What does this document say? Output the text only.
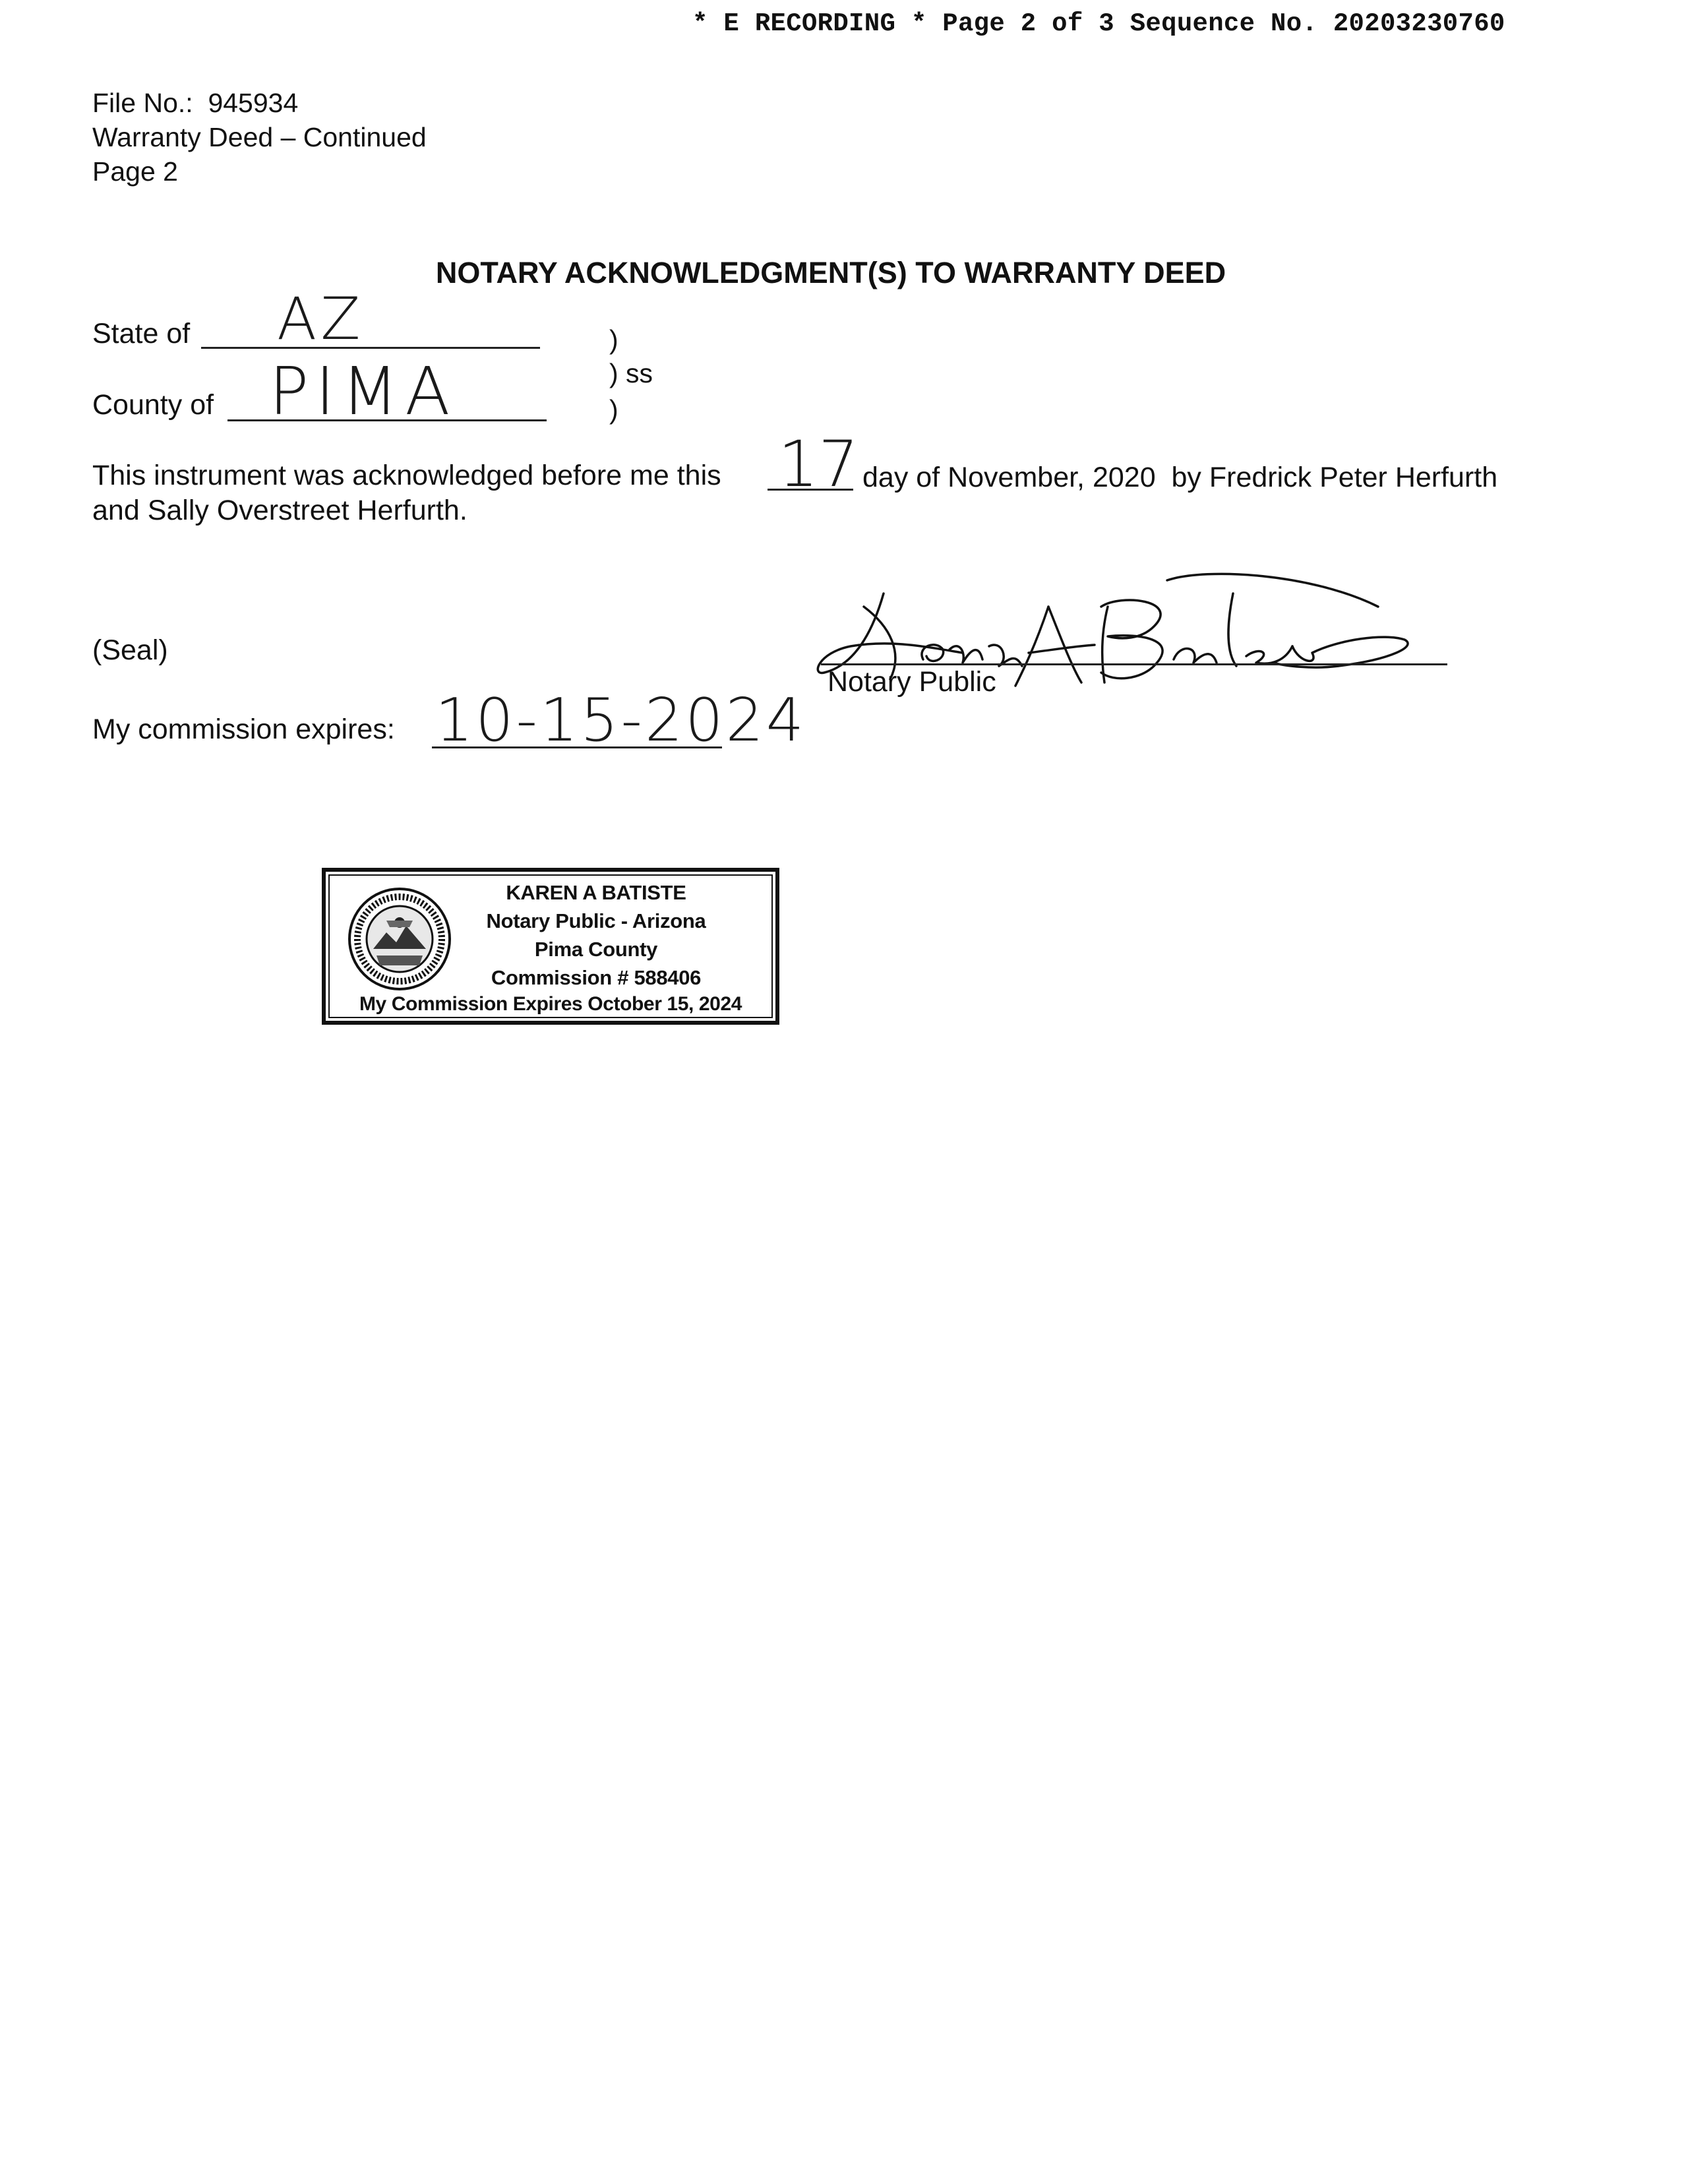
* E RECORDING * Page 2 of 3 Sequence No. 20203230760
File No.: 945934
Warranty Deed – Continued
Page 2
NOTARY ACKNOWLEDGMENT(S) TO WARRANTY DEED
State of AZ
County of PIMA
)
) ss
)
This instrument was acknowledged before me this 17 day of November, 2020  by Fredrick Peter Herfurth
and Sally Overstreet Herfurth.
(Seal)
Notary Public
My commission expires: 10-15-2024
KAREN A BATISTE
Notary Public - Arizona
Pima County
Commission # 588406
My Commission Expires October 15, 2024
